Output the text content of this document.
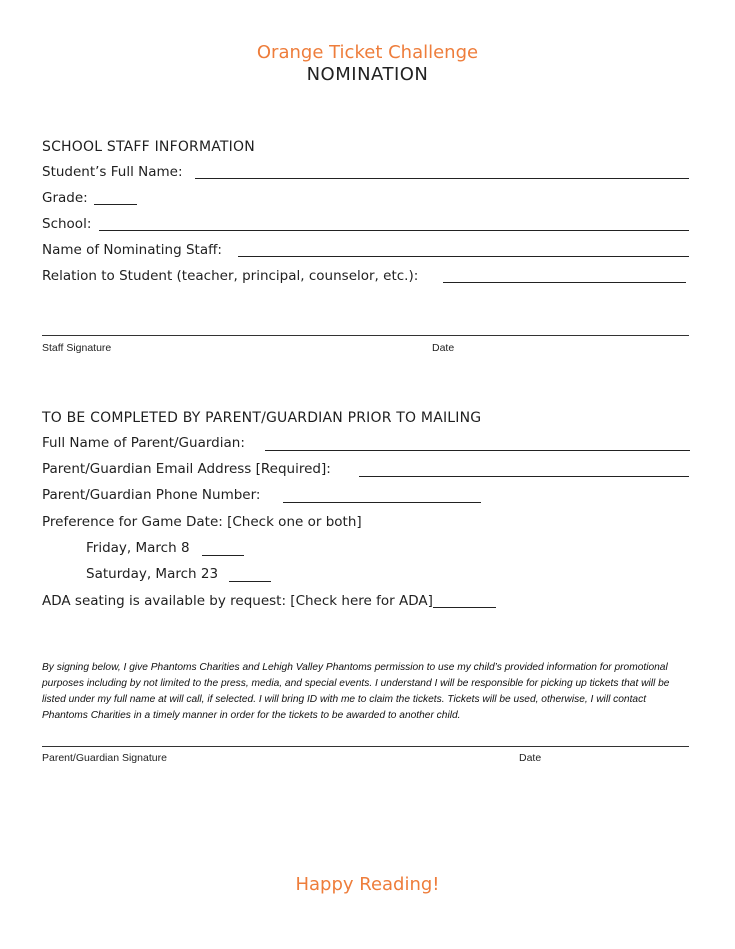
Orange Ticket Challenge
NOMINATION
SCHOOL STAFF INFORMATION
Student’s Full Name:
Grade:
School:
Name of Nominating Staff:
Relation to Student (teacher, principal, counselor, etc.):
Staff Signature	Date
TO BE COMPLETED BY PARENT/GUARDIAN PRIOR TO MAILING
Full Name of Parent/Guardian:
Parent/Guardian Email Address [Required]:
Parent/Guardian Phone Number:
Preference for Game Date: [Check one or both]
Friday, March 8
Saturday, March 23
ADA seating is available by request: [Check here for ADA]
By signing below, I give Phantoms Charities and Lehigh Valley Phantoms permission to use my child’s provided information for promotional purposes including by not limited to the press, media, and special events. I understand I will be responsible for picking up tickets that will be listed under my full name at will call, if selected. I will bring ID with me to claim the tickets. Tickets will be used, otherwise, I will contact Phantoms Charities in a timely manner in order for the tickets to be awarded to another child.
Parent/Guardian Signature	Date
Happy Reading!
